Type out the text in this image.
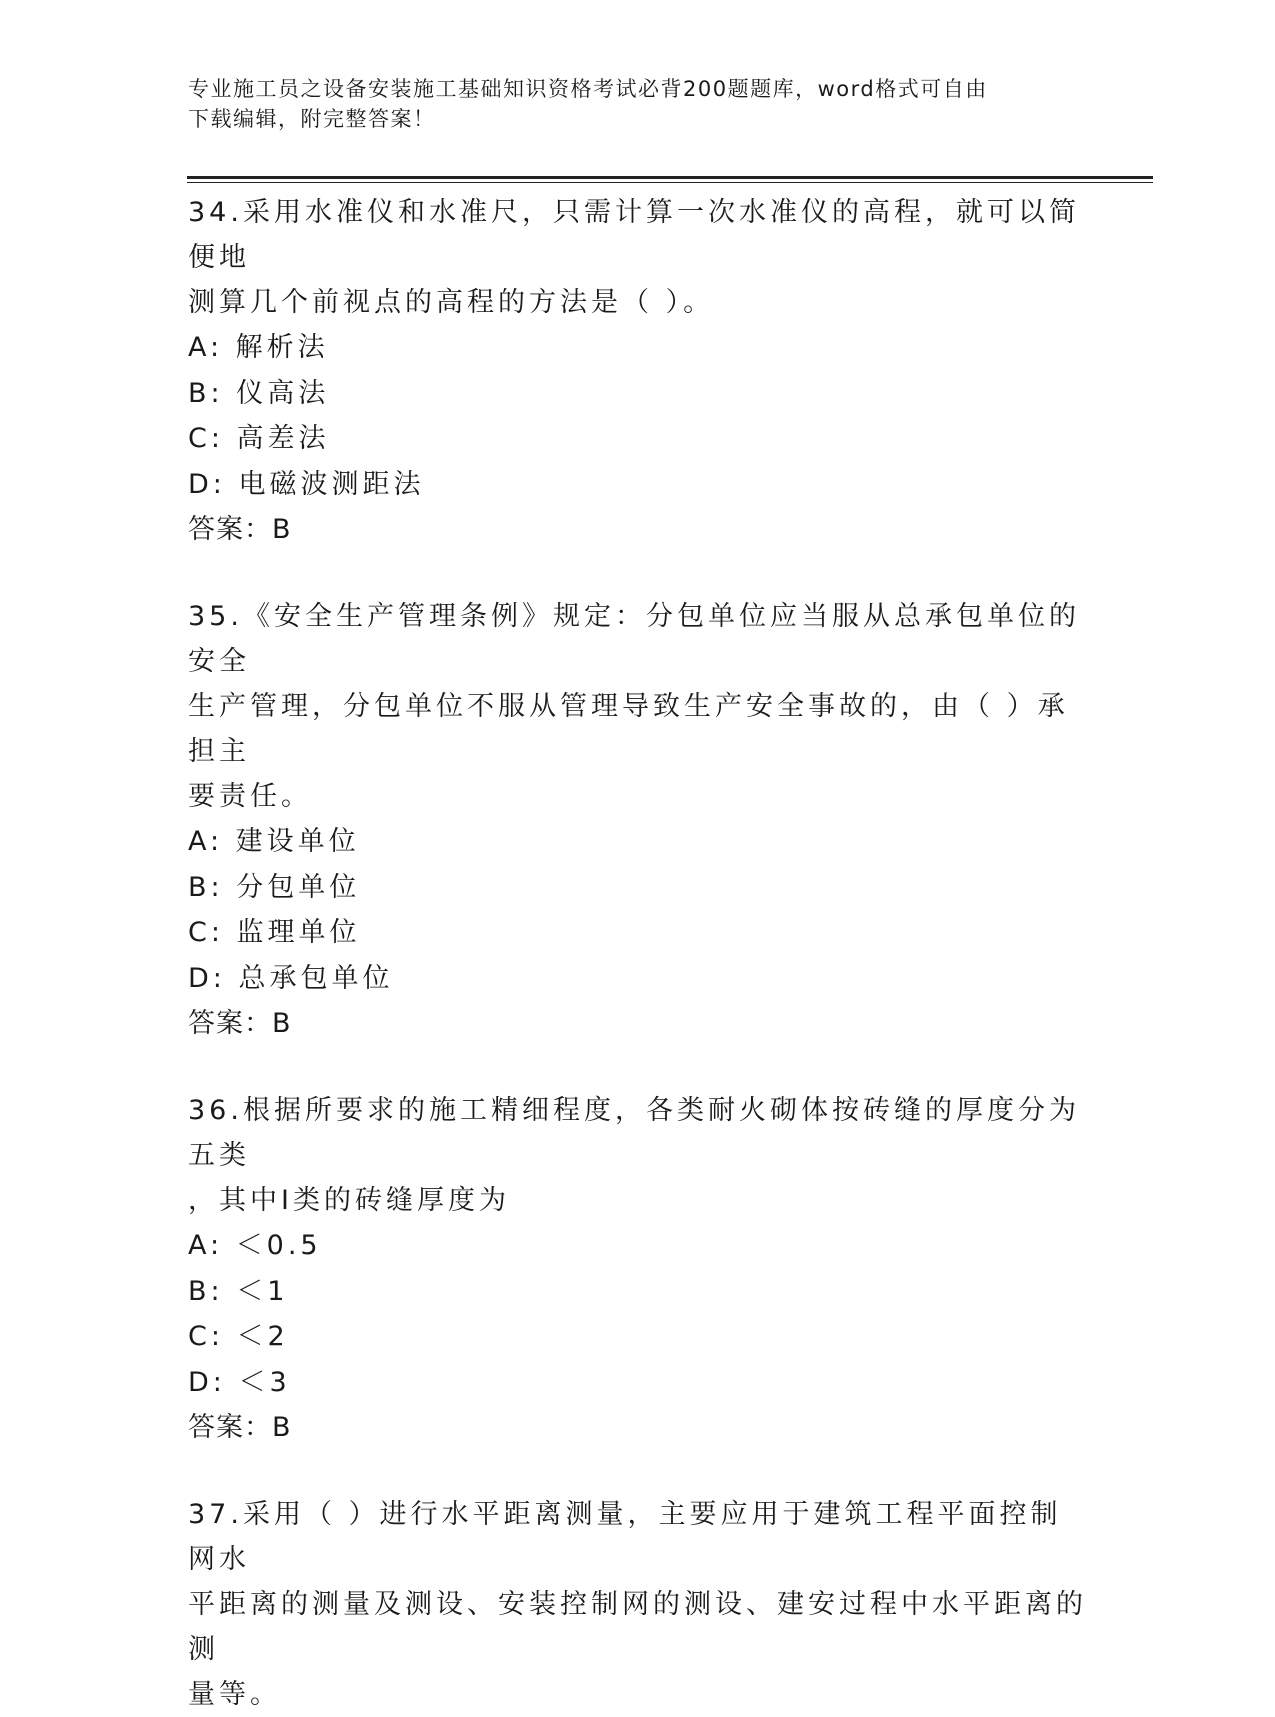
专业施工员之设备安装施工基础知识资格考试必背200题题库，word格式可自由
下载编辑，附完整答案！

34.采用水准仪和水准尺，只需计算一次水准仪的高程，就可以简便地

测算几个前视点的高程的方法是（ ）。

A: 解析法

B: 仪高法

C: 高差法

D: 电磁波测距法

答案：B

35.《安全生产管理条例》规定：分包单位应当服从总承包单位的安全

生产管理，分包单位不服从管理导致生产安全事故的，由（ ）承担主

要责任。

A: 建设单位

B: 分包单位

C: 监理单位

D: 总承包单位

答案：B

36.根据所要求的施工精细程度，各类耐火砌体按砖缝的厚度分为五类

，其中Ⅰ类的砖缝厚度为

A: ＜0.5

B: ＜1

C: ＜2

D: ＜3

答案：B

37.采用（ ）进行水平距离测量，主要应用于建筑工程平面控制网水

平距离的测量及测设、安装控制网的测设、建安过程中水平距离的测

量等。
